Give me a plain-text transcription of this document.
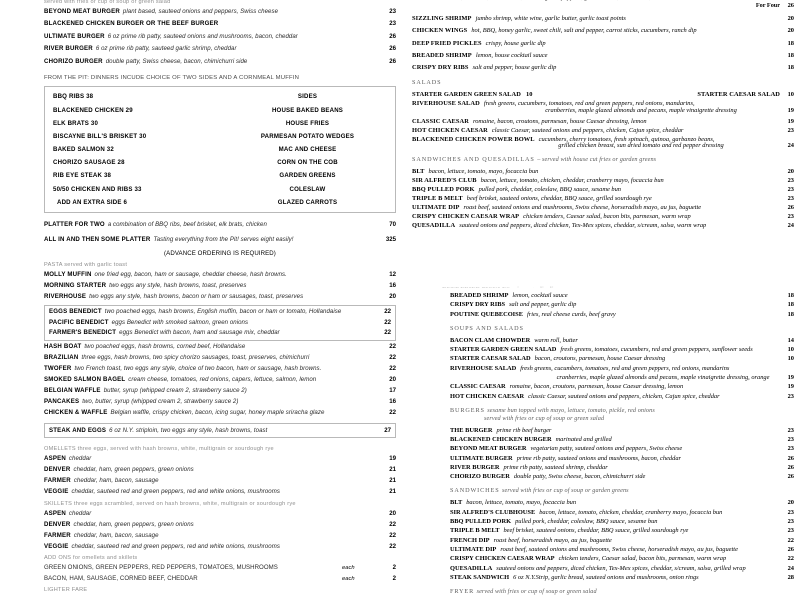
served with fries or cup of soup or green salad
BEYOND MEAT BURGER plant based, sauteed onions and peppers, Swiss cheese	23
BLACKENED CHICKEN BURGER OR THE BEEF BURGER	23
ULTIMATE BURGER 6 oz prime rib patty, sauteed onions and mushrooms, bacon, cheddar	26
RIVER BURGER 6 oz prime rib patty, sauteed garlic shrimp, cheddar	26
CHORIZO BURGER double patty, Swiss cheese, bacon, chimichurri side	26
FROM THE PIT: DINNERS INCUDE CHOICE OF TWO SIDES AND A CORNMEAL MUFFIN
BBQ RIBS 38
BLACKENED CHICKEN 29
ELK BRATS 30
BISCAYNE BILL'S BRISKET 30
BAKED SALMON 32
CHORIZO SAUSAGE 28
RIB EYE STEAK 38
50/50 CHICKEN AND RIBS 33
ADD AN EXTRA SIDE 6
SIDES
HOUSE BAKED BEANS
HOUSE FRIES
PARMESAN POTATO WEDGES
MAC AND CHEESE
CORN ON THE COB
GARDEN GREENS
COLESLAW
GLAZED CARROTS
PLATTER FOR TWO a combination of BBQ ribs, beef brisket, elk brats, chicken	70
ALL IN AND THEN SOME PLATTER Tasting everything from the Pit! serves eight easily!	325
(ADVANCE ORDERING IS REQUIRED)
PASTA served with garlic toast
MOLLY MUFFIN one fried egg, bacon, ham or sausage, cheddar cheese, hash browns.	12
MORNING STARTER two eggs any style, hash browns, toast, preserves	16
RIVERHOUSE two eggs any style, hash browns, bacon or ham or sausages, toast, preserves	20
EGGS BENEDICT two poached eggs, hash browns, English muffin, bacon or ham or tomato, Hollandaise	22
PACIFIC BENEDICT eggs Benedict with smoked salmon, green onions	22
FARMER'S BENEDICT eggs Benedict with bacon, ham and sausage mix, cheddar	22
HASH BOAT two poached eggs, hash browns, corned beef, Hollandaise	22
BRAZILIAN three eggs, hash browns, two spicy chorizo sausages, toast, preserves, chimichurri	22
TWOFER two French toast, two eggs any style, choice of two bacon, ham or sausage, hash browns.	22
SMOKED SALMON BAGEL cream cheese, tomatoes, red onions, capers, lettuce, salmon, lemon	20
BELGIAN WAFFLE butter, syrup (whipped cream 2, strawberry sauce 2)	17
PANCAKES two, butter, syrup (whipped cream 2, strawberry sauce 2)	16
CHICKEN & WAFFLE Belgian waffle, crispy chicken, bacon, icing sugar, honey maple sriracha glaze	22
STEAK AND EGGS 6 oz N.Y. striploin, two eggs any style, hash browns, toast	27
OMELLETS three eggs, served with hash browns, white, multigrain or sourdough rye
ASPEN cheddar	19
DENVER cheddar, ham, green peppers, green onions	21
FARMER cheddar, ham, bacon, sausage	21
VEGGIE cheddar, sauteed red and green peppers, red and white onions, mushrooms	21
SKILLETS three eggs scrambled, served on hash browns, white, multigrain or sourdough rye
ASPEN cheddar	20
DENVER cheddar, ham, green peppers, green onions	22
FARMER cheddar, ham, bacon, sausage	22
VEGGIE cheddar, sauteed red and green peppers, red and white onions, mushrooms	22
ADD ONS for omellets and skillets
GREEN ONIONS, GREEN PEPPERS, RED PEPPERS, TOMATOES, MUSHROOMS	each	2
BACON, HAM, SAUSAGE, CORNED BEEF, CHEDDAR	each	2
LIGHTER FARE
For Four	26
SIZZLING SHRIMP jumbo shrimp, white wine, garlic butter, garlic toast points	20
CHICKEN WINGS hot, BBQ, honey garlic, sweet chili, salt and pepper, carrot sticks, cucumbers, ranch dip	20
DEEP FRIED PICKLES crispy, house garlic dip	18
BREADED SHRIMP lemon, house cocktail sauce	18
CRISPY DRY RIBS salt and pepper, house garlic dip	18
SALADS
STARTER GARDEN GREEN SALAD 10	STARTER CAESAR SALAD	10
RIVERHOUSE SALAD fresh greens, cucumbers, tomatoes, red and green peppers, red onions, mandarins,
cranberries, maple glazed almonds and pecans, maple vinaigrette dressing	19
CLASSIC CAESAR romaine, bacon, croutons, parmesan, house Caesar dressing, lemon	19
HOT CHICKEN CAESAR classic Caesar, sauteed onions and peppers, chicken, Cajun spice, cheddar	23
BLACKENED CHICKEN POWER BOWL cucumbers, cherry tomatoes, fresh spinach, quinoa, garbanzo beans,
grilled chicken breast, sun dried tomato and red pepper dressing	24
SANDWICHES AND QUESADILLAS – served with house cut fries or garden greens
BLT bacon, lettuce, tomato, mayo, focaccia bun	20
SIR ALFRED'S CLUB bacon, lettuce, tomato, chicken, cheddar, cranberry mayo, focaccia bun	23
BBQ PULLED PORK pulled pork, cheddar, coleslaw, BBQ sauce, sesame bun	23
TRIPLE B MELT beef brisket, sauteed onions, cheddar, BBQ sauce, grilled sourdough rye	23
ULTIMATE DIP roast beef, sauteed onions and mushrooms, Swiss cheese, horseradish mayo, au jus, baguette	26
CRISPY CHICKEN CAESAR WRAP chicken tenders, Caesar salad, bacon bits, parmesan, warm wrap	23
QUESADILLA sauteed onions and peppers, diced chicken, Tex-Mex spices, cheddar, s/cream, salsa, warm wrap	24
BREADED SHRIMP lemon, cocktail sauce	18
CRISPY DRY RIBS salt and pepper, garlic dip	18
POUTINE QUEBECOISE fries, real cheese curds, beef gravy	18
SOUPS AND SALADS
BACON CLAM CHOWDER warm roll, butter	14
STARTER GARDEN GREEN SALAD fresh greens, tomatoes, cucumbers, red and green peppers, sunflower seeds	10
STARTER CAESAR SALAD bacon, croutons, parmesan, house Caesar dressing	10
RIVERHOUSE SALAD fresh greens, cucumbers, tomatoes, red and green peppers, red onions, mandarins
cranberries, maple glazed almonds and pecans, maple vinaigrette dressing, orange	19
CLASSIC CAESAR romaine, bacon, croutons, parmesan, house Caesar dressing, lemon	19
HOT CHICKEN CAESAR classic Caesar, sauteed onions and peppers, chicken, Cajun spice, cheddar	23
BURGERS sesame bun topped with mayo, lettuce, tomato, pickle, red onions
served with fries or cup of soup or green salad
THE BURGER prime rib beef burger	23
BLACKENED CHICKEN BURGER marinated and grilled	23
BEYOND MEAT BURGER vegetarian patty, sauteed onions and peppers, Swiss cheese	23
ULTIMATE BURGER prime rib patty, sauteed onions and mushrooms, bacon, cheddar	26
RIVER BURGER prime rib patty, sauteed shrimp, cheddar	26
CHORIZO BURGER double patty, Swiss cheese, bacon, chimichurri side	26
SANDWICHES served with fries or cup of soup or garden greens
BLT bacon, lettuce, tomato, mayo, focaccia bun	20
SIR ALFRED'S CLUBHOUSE bacon, lettuce, tomato, chicken, cheddar, cranberry mayo, focaccia bun	23
BBQ PULLED PORK pulled pork, cheddar, coleslaw, BBQ sauce, sesame bun	23
TRIPLE B MELT beef brisket, sauteed onions, cheddar, BBQ sauce, grilled sourdough rye	23
FRENCH DIP roast beef, horseradish mayo, au jus, baguette	22
ULTIMATE DIP roast beef, sauteed onions and mushrooms, Swiss cheese, horseradish mayo, au jus, baguette	26
CRISPY CHICKEN CAESAR WRAP chicken tenders, Caesar salad, bacon bits, parmesan, warm wrap	22
QUESADILLA sauteed onions and peppers, diced chicken, Tex-Mex spices, cheddar, s/cream, salsa, grilled wrap	24
STEAK SANDWICH 6 oz N.Y.Strip, garlic bread, sauteed onions and mushrooms, onion rings	28
FRYER served with fries or cup of soup or green salad
